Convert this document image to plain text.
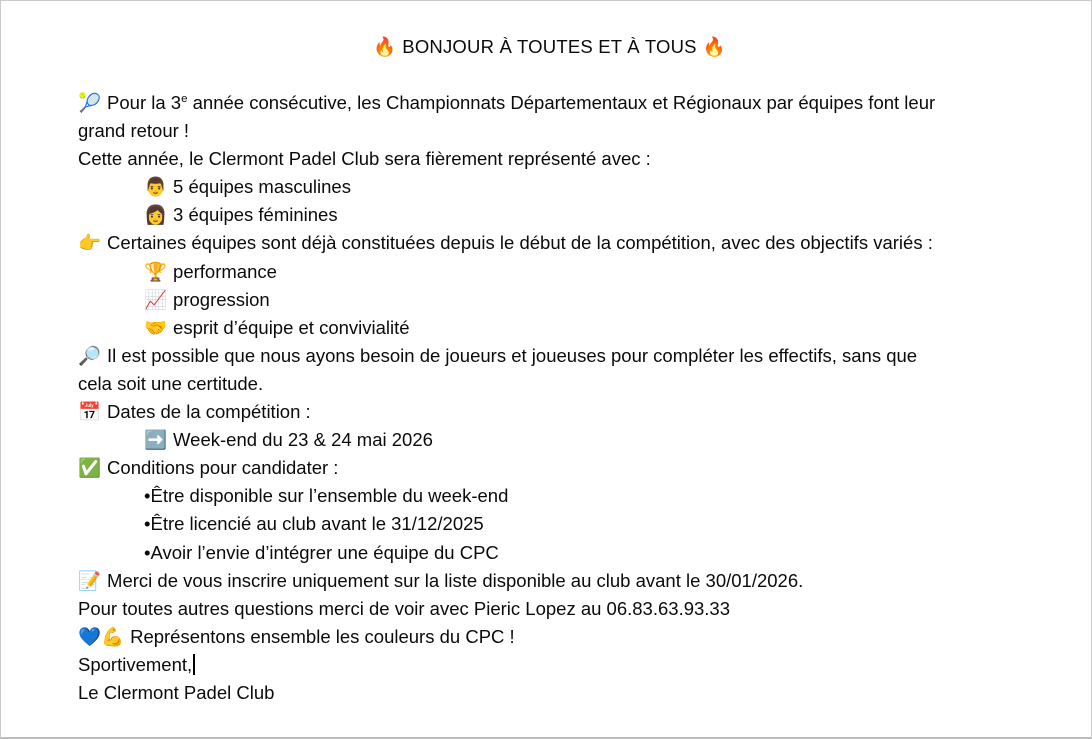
🔥 BONJOUR À TOUTES ET À TOUS 🔥
🎾 Pour la 3e année consécutive, les Championnats Départementaux et Régionaux par équipes font leur
grand retour !
Cette année, le Clermont Padel Club sera fièrement représenté avec :
👨 5 équipes masculines
👩 3 équipes féminines
👉 Certaines équipes sont déjà constituées depuis le début de la compétition, avec des objectifs variés :
🏆 performance
📈 progression
🤝 esprit d’équipe et convivialité
🔎 Il est possible que nous ayons besoin de joueurs et joueuses pour compléter les effectifs, sans que
cela soit une certitude.
📅 Dates de la compétition :
➡️ Week-end du 23 & 24 mai 2026
✅ Conditions pour candidater :
•Être disponible sur l’ensemble du week-end
•Être licencié au club avant le 31/12/2025
•Avoir l’envie d’intégrer une équipe du CPC
📝 Merci de vous inscrire uniquement sur la liste disponible au club avant le 30/01/2026.
Pour toutes autres questions merci de voir avec Pieric Lopez au 06.83.63.93.33
💙💪 Représentons ensemble les couleurs du CPC !
Sportivement,
Le Clermont Padel Club
